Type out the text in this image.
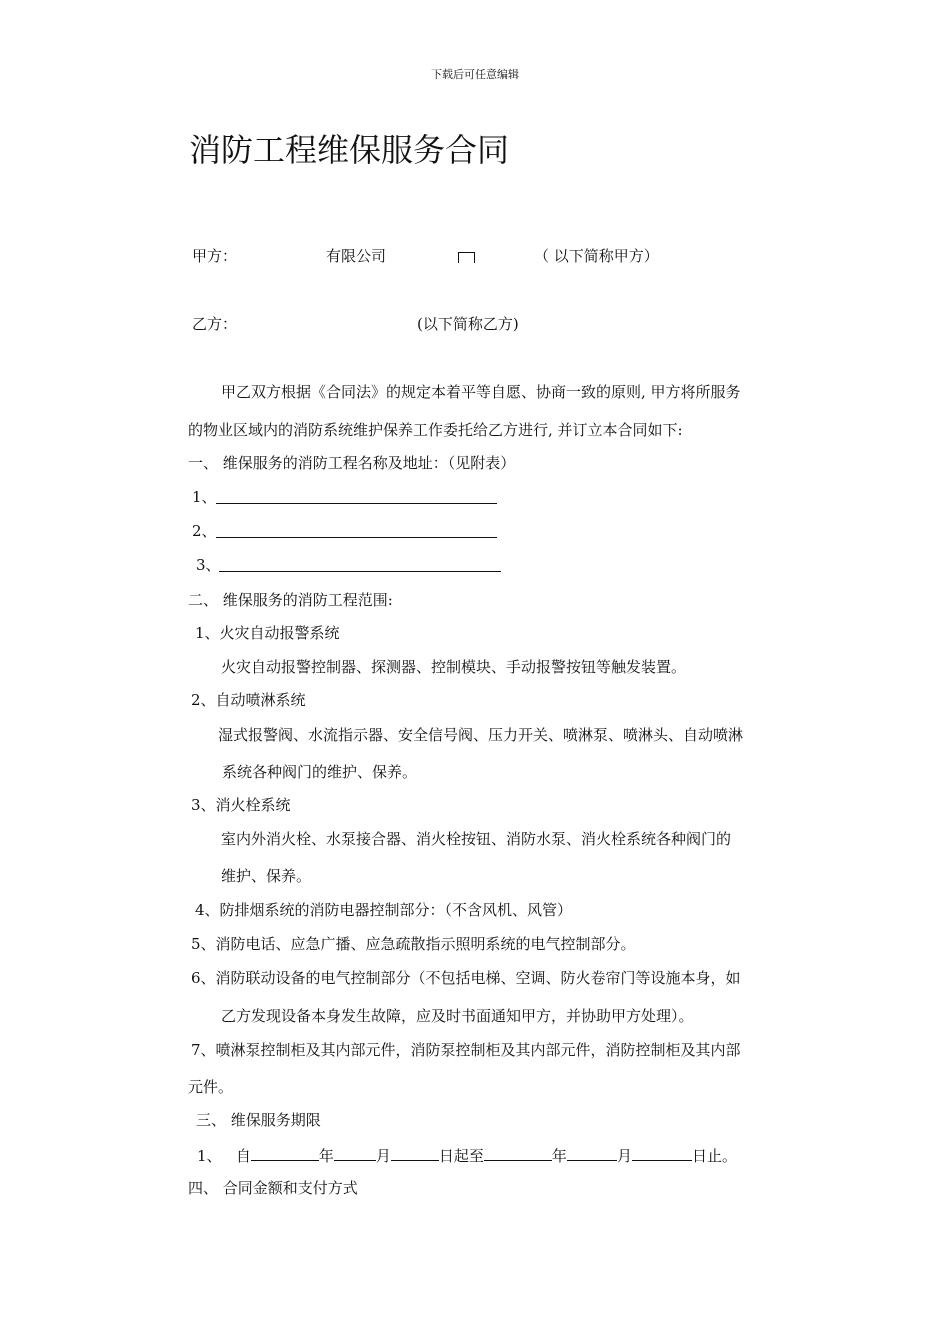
下载后可任意编辑
消防工程维保服务合同
甲方：	有限公司	（ 以下简称甲方）
乙方：	(以下简称乙方)
甲乙双方根据《合同法》的规定本着平等自愿、协商一致的原则, 甲方将所服务
的物业区域内的消防系统维护保养工作委托给乙方进行, 并订立本合同如下:
一、 维保服务的消防工程名称及地址：（见附表）
1、
2、
3、
二、 维保服务的消防工程范围:
1、火灾自动报警系统
火灾自动报警控制器、探测器、控制模块、手动报警按钮等触发装置。
2、自动喷淋系统
湿式报警阀、水流指示器、安全信号阀、压力开关、喷淋泵、喷淋头、自动喷淋
系统各种阀门的维护、保养。
3、消火栓系统
室内外消火栓、水泵接合器、消火栓按钮、消防水泵、消火栓系统各种阀门的
维护、保养。
4、防排烟系统的消防电器控制部分：（不含风机、风管）
5、消防电话、应急广播、应急疏散指示照明系统的电气控制部分。
6、消防联动设备的电气控制部分（不包括电梯、空调、防火卷帘门等设施本身，如
乙方发现设备本身发生故障，应及时书面通知甲方，并协助甲方处理）。
7、喷淋泵控制柜及其内部元件，消防泵控制柜及其内部元件，消防控制柜及其内部
元件。
三、 维保服务期限
1、 自	年	月	日起至	年	月	日止。
四、 合同金额和支付方式
